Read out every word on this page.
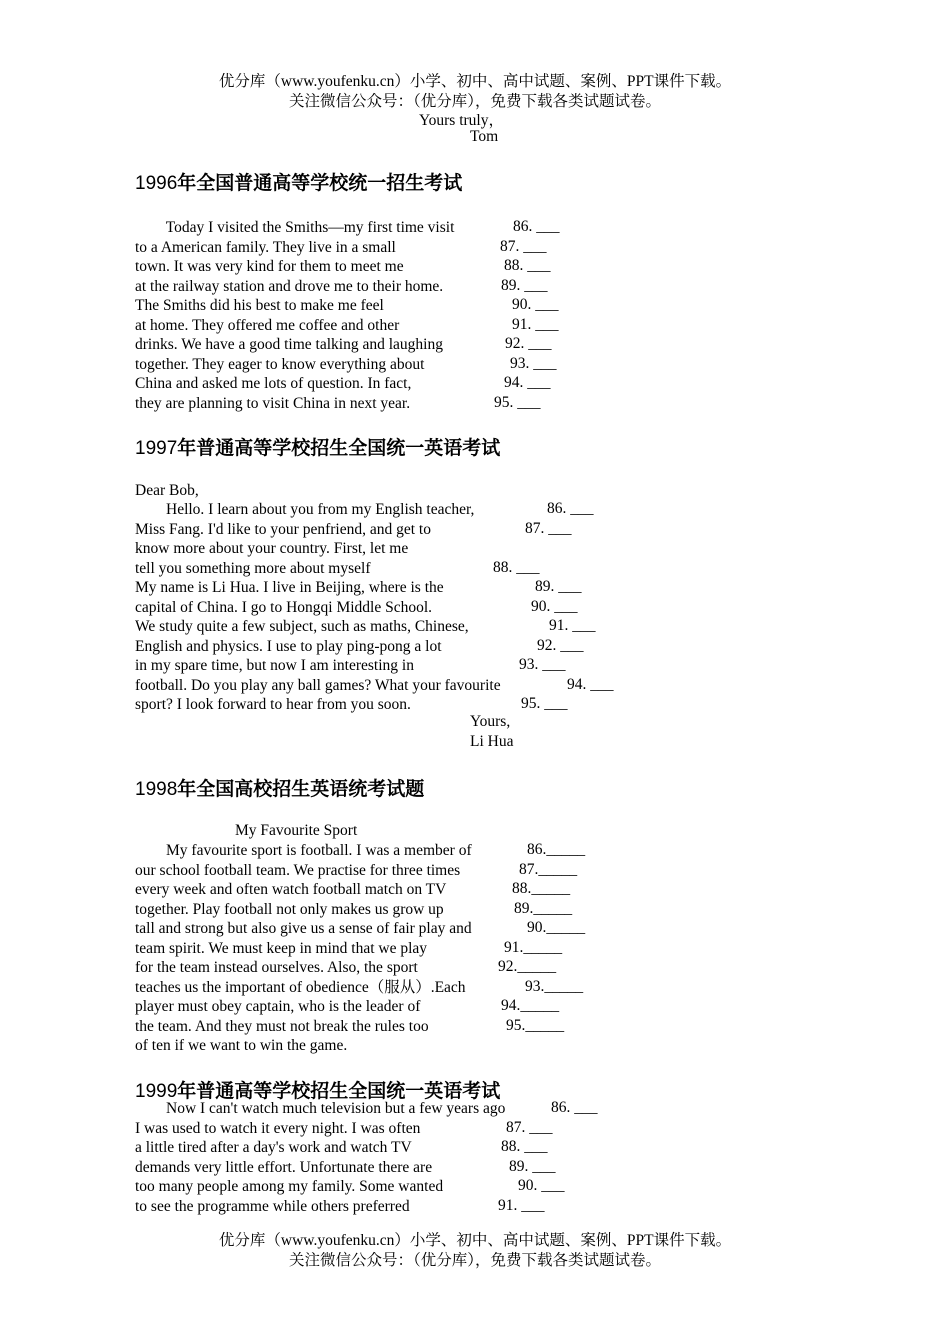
优分库（www.youfenku.cn）小学、初中、高中试题、案例、PPT课件下载。
关注微信公众号：（优分库），免费下载各类试题试卷。
Yours truly，
Tom
1996年全国普通高等学校统一招生考试
Today I visited the Smiths—my first time visit	86. ___
to a American family. They live in a small	87. ___
town. It was very kind for them to meet me	88. ___
at the railway station and drove me to their home.	89. ___
The Smiths did his best to make me feel	90. ___
at home. They offered me coffee and other	91. ___
drinks. We have a good time talking and laughing	92. ___
together. They eager to know everything about	93. ___
China and asked me lots of question. In fact,	94. ___
they are planning to visit China in next year.	95. ___
1997年普通高等学校招生全国统一英语考试
Dear Bob,
Hello. I learn about you from my English teacher,	86. ___
Miss Fang. I'd like to your penfriend, and get to	87. ___
know more about your country. First, let me
tell you something more about myself	88. ___
My name is Li Hua. I live in Beijing, where is the	89. ___
capital of China. I go to Hongqi Middle School.	90. ___
We study quite a few subject, such as maths, Chinese,	91. ___
English and physics. I use to play ping-pong a lot	92. ___
in my spare time, but now I am interesting in	93. ___
football. Do you play any ball games? What your favourite	94. ___
sport? I look forward to hear from you soon.	95. ___
Yours,
Li Hua
1998年全国高校招生英语统考试题
My Favourite Sport
My favourite sport is football. I was a member of	86._____
our school football team. We practise for three times	87._____
every week and often watch football match on TV	88._____
together. Play football not only makes us grow up	89._____
tall and strong but also give us a sense of fair play and	90._____
team spirit. We must keep in mind that we play	91._____
for the team instead ourselves. Also, the sport	92._____
teaches us the important of obedience（服从）.Each	93._____
player must obey captain, who is the leader of	94._____
the team. And they must not break the rules too	95._____
of ten if we want to win the game.
1999年普通高等学校招生全国统一英语考试
Now I can't watch much television but a few years ago	86. ___
I was used to watch it every night. I was often	87. ___
a little tired after a day's work and watch TV	88. ___
demands very little effort. Unfortunate there are	89. ___
too many people among my family. Some wanted	90. ___
to see the programme while others preferred	91. ___
优分库（www.youfenku.cn）小学、初中、高中试题、案例、PPT课件下载。
关注微信公众号：（优分库），免费下载各类试题试卷。
